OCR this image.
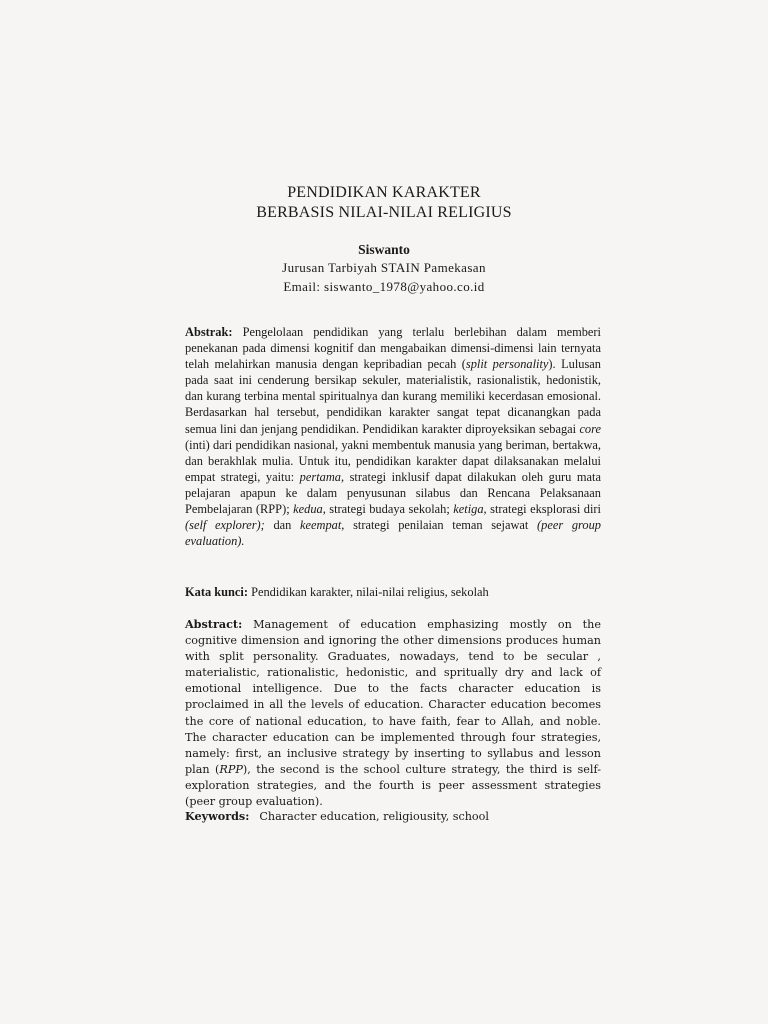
PENDIDIKAN KARAKTER
BERBASIS NILAI-NILAI RELIGIUS
Siswanto
Jurusan Tarbiyah STAIN Pamekasan
Email: siswanto_1978@yahoo.co.id
Abstrak: Pengelolaan pendidikan yang terlalu berlebihan dalam memberi penekanan pada dimensi kognitif dan mengabaikan dimensi-dimensi lain ternyata telah melahirkan manusia dengan kepribadian pecah (split personality). Lulusan pada saat ini cenderung bersikap sekuler, materialistik, rasionalistik, hedonistik, dan kurang terbina mental spiritualnya dan kurang memiliki kecerdasan emosional. Berdasarkan hal tersebut, pendidikan karakter sangat tepat dicanangkan pada semua lini dan jenjang pendidikan. Pendidikan karakter diproyeksikan sebagai core (inti) dari pendidikan nasional, yakni membentuk manusia yang beriman, bertakwa, dan berakhlak mulia. Untuk itu, pendidikan karakter dapat dilaksanakan melalui empat strategi, yaitu: pertama, strategi inklusif dapat dilakukan oleh guru mata pelajaran apapun ke dalam penyusunan silabus dan Rencana Pelaksanaan Pembelajaran (RPP); kedua, strategi budaya sekolah; ketiga, strategi eksplorasi diri (self explorer); dan keempat, strategi penilaian teman sejawat (peer group evaluation).
Kata kunci: Pendidikan karakter, nilai-nilai religius, sekolah
Abstract: Management of education emphasizing mostly on the cognitive dimension and ignoring the other dimensions produces human with split personality. Graduates, nowadays, tend to be secular , materialistic, rationalistic, hedonistic, and spritually dry and lack of emotional intelligence. Due to the facts character education is proclaimed in all the levels of education. Character education becomes the core of national education, to have faith, fear to Allah, and noble. The character education can be implemented through four strategies, namely: first, an inclusive strategy by inserting to syllabus and lesson plan (RPP), the second is the school culture strategy, the third is self-exploration strategies, and the fourth is peer assessment strategies (peer group evaluation).
Keywords: Character education, religiousity, school
